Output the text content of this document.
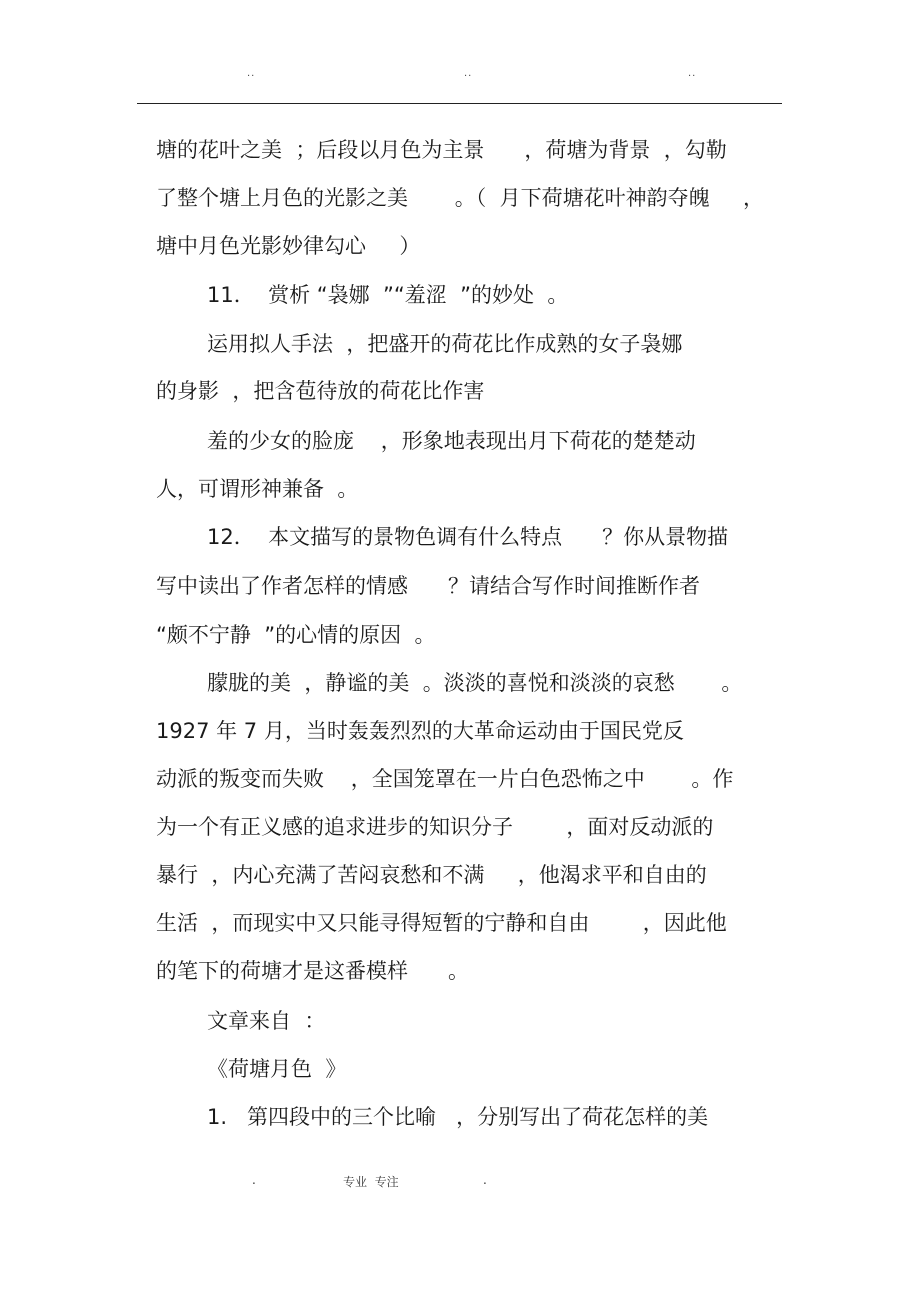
..	..	..
塘的花叶之美  ；后段以月色为主景      ，荷塘为背景  ，勾勒
了整个塘上月色的光影之美       。（  月下荷塘花叶神韵夺魄     ，
塘中月色光影妙律勾心     ）
11．  赏析 “袅娜  ”“羞涩  ”的妙处  。
运用拟人手法  ，把盛开的荷花比作成熟的女子袅娜
的身影  ，把含苞待放的荷花比作害
羞的少女的脸庞    ，形象地表现出月下荷花的楚楚动
人，可谓形神兼备  。
12．  本文描写的景物色调有什么特点      ？你从景物描
写中读出了作者怎样的情感      ？请结合写作时间推断作者
“颇不宁静  ”的心情的原因  。
朦胧的美  ，静谧的美  。淡淡的喜悦和淡淡的哀愁       。
1927 年 7 月，当时轰轰烈烈的大革命运动由于国民党反
动派的叛变而失败    ，全国笼罩在一片白色恐怖之中       。作
为一个有正义感的追求进步的知识分子        ，面对反动派的
暴行  ，内心充满了苦闷哀愁和不满     ，他渴求平和自由的
生活  ，而现实中又只能寻得短暂的宁静和自由        ，因此他
的笔下的荷塘才是这番模样      。
文章来自  ：
《荷塘月色  》
1.   第四段中的三个比喻   ，分别写出了荷花怎样的美
.	专业  专注	.
